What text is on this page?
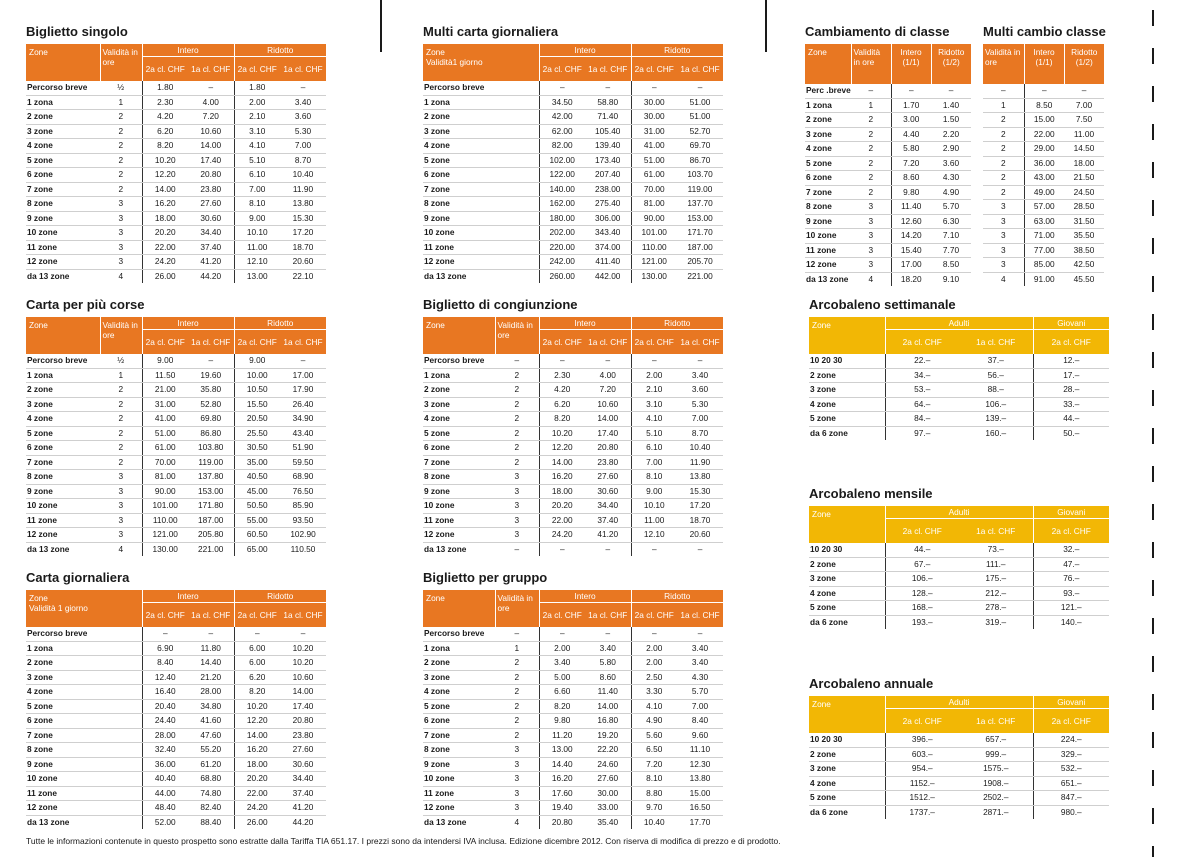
Biglietto singolo
Zone	Validità in ore	Intero		Ridotto	
		2a cl. CHF	1a cl. CHF	2a cl. CHF	1a cl. CHF
Percorso breve	½	1.80	–	1.80	–
1 zona	1	2.30	4.00	2.00	3.40
2 zone	2	4.20	7.20	2.10	3.60
3 zone	2	6.20	10.60	3.10	5.30
4 zone	2	8.20	14.00	4.10	7.00
5 zone	2	10.20	17.40	5.10	8.70
6 zone	2	12.20	20.80	6.10	10.40
7 zone	2	14.00	23.80	7.00	11.90
8 zone	3	16.20	27.60	8.10	13.80
9 zone	3	18.00	30.60	9.00	15.30
10 zone	3	20.20	34.40	10.10	17.20
11 zone	3	22.00	37.40	11.00	18.70
12 zone	3	24.20	41.20	12.10	20.60
da 13 zone	4	26.00	44.20	13.00	22.10
Carta per più corse
Zone	Validità in ore	Intero		Ridotto	
		2a cl. CHF	1a cl. CHF	2a cl. CHF	1a cl. CHF
Percorso breve	½	9.00	–	9.00	–
1 zona	1	11.50	19.60	10.00	17.00
2 zone	2	21.00	35.80	10.50	17.90
3 zone	2	31.00	52.80	15.50	26.40
4 zone	2	41.00	69.80	20.50	34.90
5 zone	2	51.00	86.80	25.50	43.40
6 zone	2	61.00	103.80	30.50	51.90
7 zone	2	70.00	119.00	35.00	59.50
8 zone	3	81.00	137.80	40.50	68.90
9 zone	3	90.00	153.00	45.00	76.50
10 zone	3	101.00	171.80	50.50	85.90
11 zone	3	110.00	187.00	55.00	93.50
12 zone	3	121.00	205.80	60.50	102.90
da 13 zone	4	130.00	221.00	65.00	110.50
Carta giornaliera
Zone
Validità 1 giorno	Intero		Ridotto	
	2a cl. CHF	1a cl. CHF	2a cl. CHF	1a cl. CHF
Percorso breve	–	–	–	–
1 zona	6.90	11.80	6.00	10.20
2 zone	8.40	14.40	6.00	10.20
3 zone	12.40	21.20	6.20	10.60
4 zone	16.40	28.00	8.20	14.00
5 zone	20.40	34.80	10.20	17.40
6 zone	24.40	41.60	12.20	20.80
7 zone	28.00	47.60	14.00	23.80
8 zone	32.40	55.20	16.20	27.60
9 zone	36.00	61.20	18.00	30.60
10 zone	40.40	68.80	20.20	34.40
11 zone	44.00	74.80	22.00	37.40
12 zone	48.40	82.40	24.20	41.20
da 13 zone	52.00	88.40	26.00	44.20
Multi carta giornaliera
Zone
Validità1 giorno	Intero		Ridotto	
	2a cl. CHF	1a cl. CHF	2a cl. CHF	1a cl. CHF
Percorso breve	–	–	–	–
1 zona	34.50	58.80	30.00	51.00
2 zone	42.00	71.40	30.00	51.00
3 zone	62.00	105.40	31.00	52.70
4 zone	82.00	139.40	41.00	69.70
5 zone	102.00	173.40	51.00	86.70
6 zone	122.00	207.40	61.00	103.70
7 zone	140.00	238.00	70.00	119.00
8 zone	162.00	275.40	81.00	137.70
9 zone	180.00	306.00	90.00	153.00
10 zone	202.00	343.40	101.00	171.70
11 zone	220.00	374.00	110.00	187.00
12 zone	242.00	411.40	121.00	205.70
da 13 zone	260.00	442.00	130.00	221.00
Biglietto di congiunzione
Zone	Validità in ore	Intero		Ridotto	
		2a cl. CHF	1a cl. CHF	2a cl. CHF	1a cl. CHF
Percorso breve	–	–	–	–	–
1 zona	2	2.30	4.00	2.00	3.40
2 zone	2	4.20	7.20	2.10	3.60
3 zone	2	6.20	10.60	3.10	5.30
4 zone	2	8.20	14.00	4.10	7.00
5 zone	2	10.20	17.40	5.10	8.70
6 zone	2	12.20	20.80	6.10	10.40
7 zone	2	14.00	23.80	7.00	11.90
8 zone	3	16.20	27.60	8.10	13.80
9 zone	3	18.00	30.60	9.00	15.30
10 zone	3	20.20	34.40	10.10	17.20
11 zone	3	22.00	37.40	11.00	18.70
12 zone	3	24.20	41.20	12.10	20.60
da 13 zone	–	–	–	–	–
Biglietto per gruppo
Zone	Validità in ore	Intero		Ridotto	
		2a cl. CHF	1a cl. CHF	2a cl. CHF	1a cl. CHF
Percorso breve	–	–	–	–	–
1 zona	1	2.00	3.40	2.00	3.40
2 zone	2	3.40	5.80	2.00	3.40
3 zone	2	5.00	8.60	2.50	4.30
4 zone	2	6.60	11.40	3.30	5.70
5 zone	2	8.20	14.00	4.10	7.00
6 zone	2	9.80	16.80	4.90	8.40
7 zone	2	11.20	19.20	5.60	9.60
8 zone	3	13.00	22.20	6.50	11.10
9 zone	3	14.40	24.60	7.20	12.30
10 zone	3	16.20	27.60	8.10	13.80
11 zone	3	17.60	30.00	8.80	15.00
12 zone	3	19.40	33.00	9.70	16.50
da 13 zone	4	20.80	35.40	10.40	17.70
Cambiamento di classe
Zone	Validità in ore	Intero (1/1)	Ridotto (1/2)

Perc .breve	–	–	–
1 zona	1	1.70	1.40
2 zone	2	3.00	1.50
3 zone	2	4.40	2.20
4 zone	2	5.80	2.90
5 zone	2	7.20	3.60
6 zone	2	8.60	4.30
7 zone	2	9.80	4.90
8 zone	3	11.40	5.70
9 zone	3	12.60	6.30
10 zone	3	14.20	7.10
11 zone	3	15.40	7.70
12 zone	3	17.00	8.50
da 13 zone	4	18.20	9.10
Multi cambio classe
Validità in ore	Intero (1/1)	Ridotto (1/2)

–	–	–
1	8.50	7.00
2	15.00	7.50
2	22.00	11.00
2	29.00	14.50
2	36.00	18.00
2	43.00	21.50
2	49.00	24.50
3	57.00	28.50
3	63.00	31.50
3	71.00	35.50
3	77.00	38.50
3	85.00	42.50
4	91.00	45.50
Arcobaleno settimanale
Zone	Adulti		Giovani
	2a cl. CHF	1a cl. CHF	2a cl. CHF
10 20 30	22.–	37.–	12.–
2 zone	34.–	56.–	17.–
3 zone	53.–	88.–	28.–
4 zone	64.–	106.–	33.–
5 zone	84.–	139.–	44.–
da 6 zone	97.–	160.–	50.–
Arcobaleno mensile
Zone	Adulti		Giovani
	2a cl. CHF	1a cl. CHF	2a cl. CHF
10 20 30	44.–	73.–	32.–
2 zone	67.–	111.–	47.–
3 zone	106.–	175.–	76.–
4 zone	128.–	212.–	93.–
5 zone	168.–	278.–	121.–
da 6 zone	193.–	319.–	140.–
Arcobaleno annuale
Zone	Adulti		Giovani
	2a cl. CHF	1a cl. CHF	2a cl. CHF
10 20 30	396.–	657.–	224.–
2 zone	603.–	999.–	329.–
3 zone	954.–	1575.–	532.–
4 zone	1152.–	1908.–	651.–
5 zone	1512.–	2502.–	847.–
da 6 zone	1737.–	2871.–	980.–
Tutte le informazioni contenute in questo prospetto sono estratte dalla Tariffa TIA 651.17. I prezzi sono da intendersi IVA inclusa. Edizione dicembre 2012. Con riserva di modifica di prezzo e di prodotto.
